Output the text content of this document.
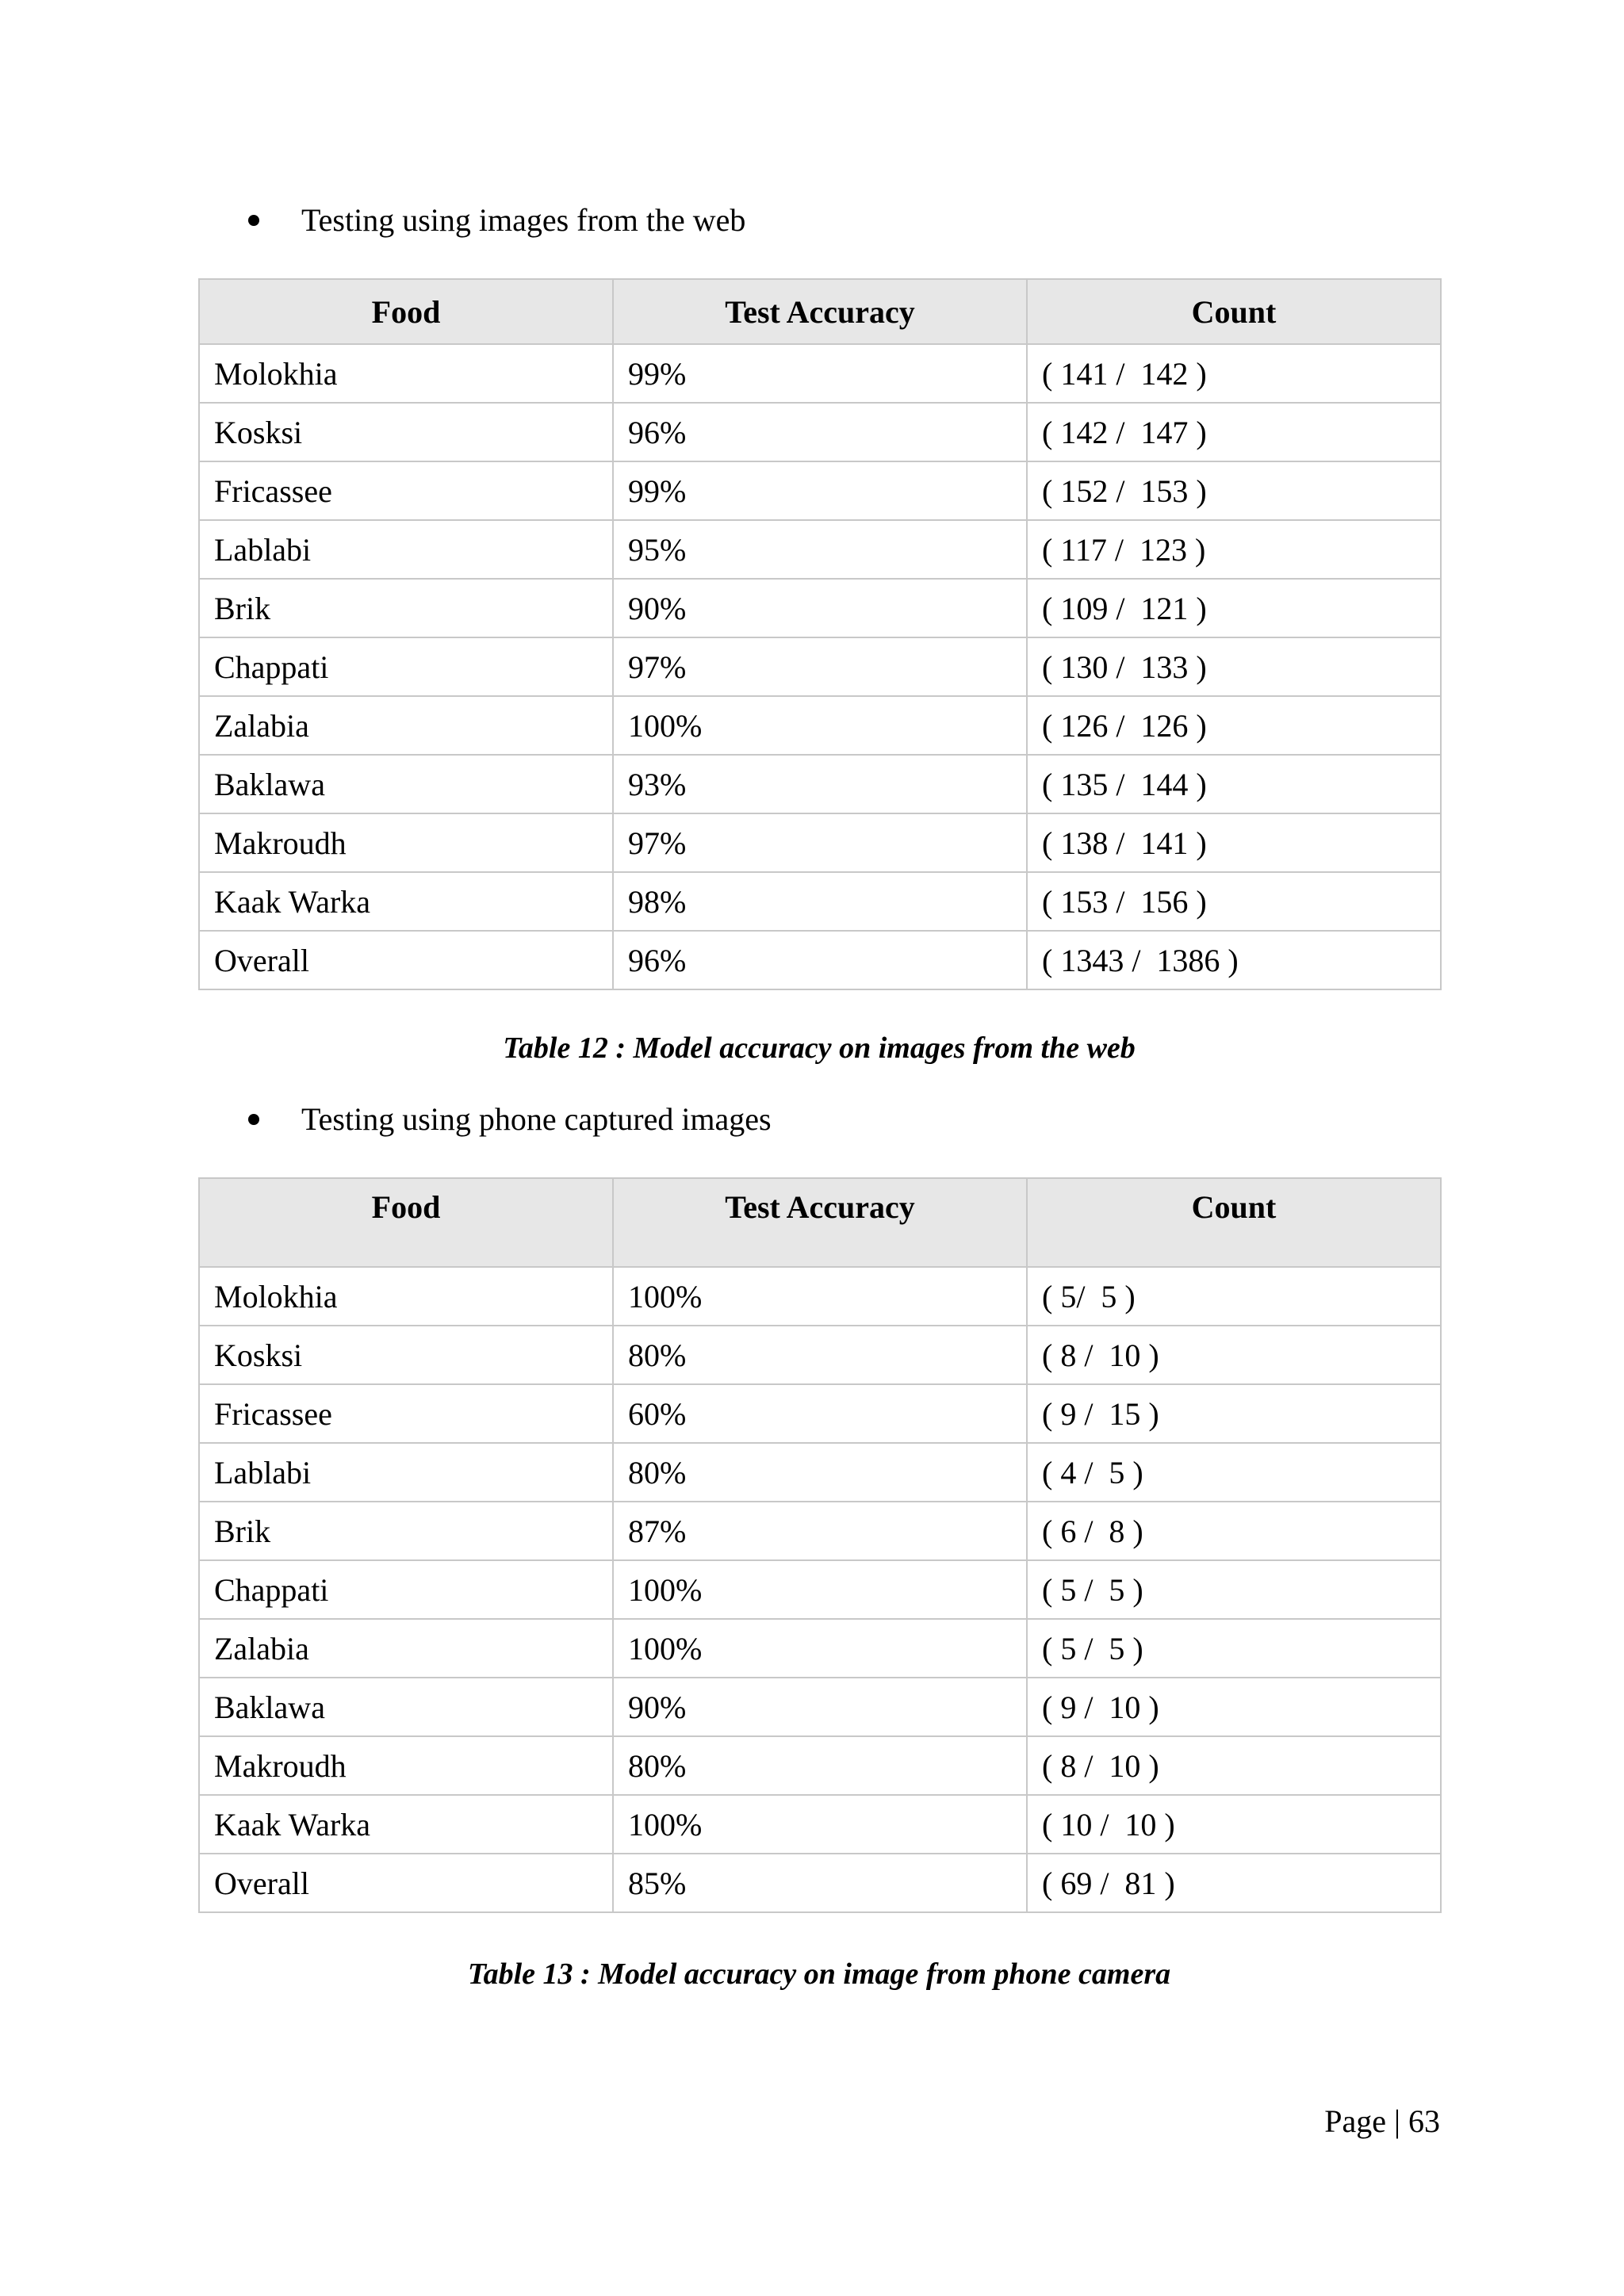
Testing using images from the web
Food	Test Accuracy	Count
Molokhia	99%	( 141 /  142 )
Kosksi	96%	( 142 /  147 )
Fricassee	99%	( 152 /  153 )
Lablabi	95%	( 117 /  123 )
Brik	90%	( 109 /  121 )
Chappati	97%	( 130 /  133 )
Zalabia	100%	( 126 /  126 )
Baklawa	93%	( 135 /  144 )
Makroudh	97%	( 138 /  141 )
Kaak Warka	98%	( 153 /  156 )
Overall	96%	( 1343 /  1386 )
Table 12 : Model accuracy on images from the web
Testing using phone captured images
Food	Test Accuracy	Count
Molokhia	100%	( 5/  5 )
Kosksi	80%	( 8 /  10 )
Fricassee	60%	( 9 /  15 )
Lablabi	80%	( 4 /  5 )
Brik	87%	( 6 /  8 )
Chappati	100%	( 5 /  5 )
Zalabia	100%	( 5 /  5 )
Baklawa	90%	( 9 /  10 )
Makroudh	80%	( 8 /  10 )
Kaak Warka	100%	( 10 /  10 )
Overall	85%	( 69 /  81 )
Table 13 : Model accuracy on image from phone camera
Page | 63
